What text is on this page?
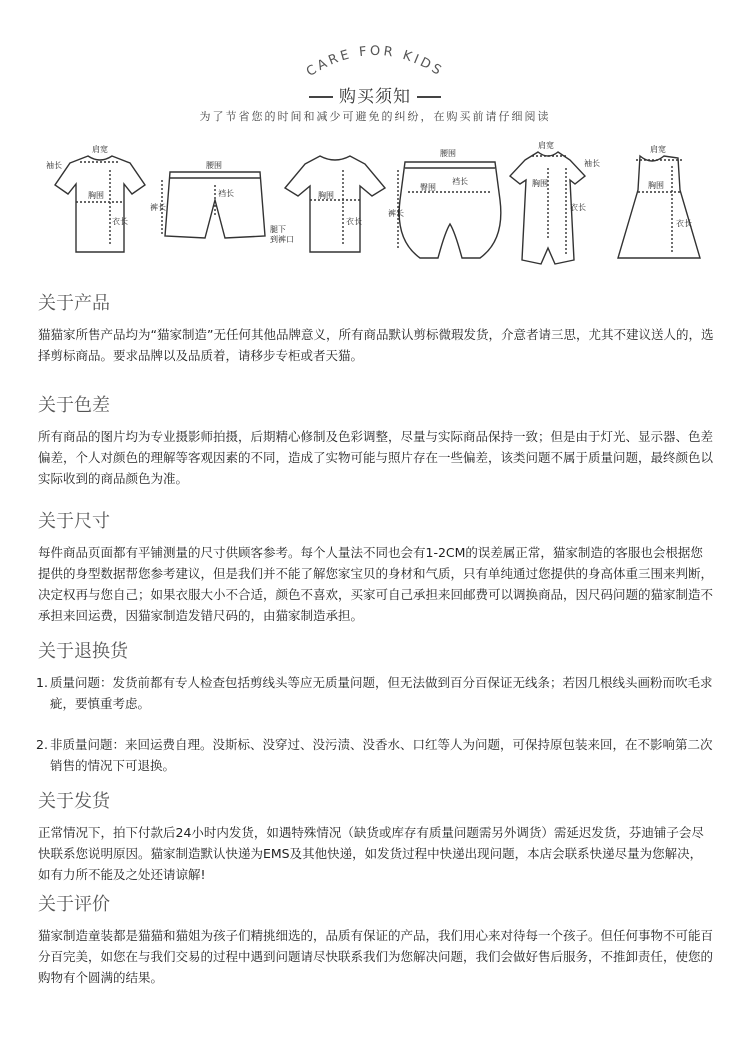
CARE FOR KIDS
购买须知
为了节省您的时间和减少可避免的纠纷，在购买前请仔细阅读
肩宽
袖长
胸围
衣长
腰围
裤长
裆长
腿下
到裤口
胸围
衣长
腰围
臀围
裤长
裆长
肩宽
袖长
胸围
衣长
肩宽
胸围
衣长
关于产品

猫猫家所售产品均为“猫家制造”无任何其他品牌意义，所有商品默认剪标微瑕发货，介意者请三思，尤其不建议送人的，选择剪标商品。要求品牌以及品质着，请移步专柜或者天猫。

关于色差

所有商品的图片均为专业摄影师拍摄，后期精心修制及色彩调整，尽量与实际商品保持一致；但是由于灯光、显示器、色差偏差，个人对颜色的理解等客观因素的不同，造成了实物可能与照片存在一些偏差，该类问题不属于质量问题，最终颜色以实际收到的商品颜色为准。

关于尺寸

每件商品页面都有平铺测量的尺寸供顾客参考。每个人量法不同也会有1-2CM的误差属正常，猫家制造的客服也会根据您提供的身型数据帮您参考建议，但是我们并不能了解您家宝贝的身材和气质，只有单纯通过您提供的身高体重三围来判断，决定权再与您自己；如果衣服大小不合适，颜色不喜欢，买家可自己承担来回邮费可以调换商品，因尺码问题的猫家制造不承担来回运费，因猫家制造发错尺码的，由猫家制造承担。

关于退换货
1. 质量问题：发货前都有专人检查包括剪线头等应无质量问题，但无法做到百分百保证无线条；若因几根线头画粉而吹毛求疵，要慎重考虑。
2. 非质量问题：来回运费自理。没斯标、没穿过、没污渍、没香水、口红等人为问题，可保持原包装来回，在不影响第二次销售的情况下可退换。
关于发货

正常情况下，拍下付款后24小时内发货，如遇特殊情况（缺货或库存有质量问题需另外调货）需延迟发货，芬迪铺子会尽快联系您说明原因。猫家制造默认快递为EMS及其他快递，如发货过程中快递出现问题，本店会联系快递尽量为您解决，如有力所不能及之处还请谅解!

关于评价

猫家制造童装都是猫猫和猫姐为孩子们精挑细选的，品质有保证的产品，我们用心来对待每一个孩子。但任何事物不可能百分百完美，如您在与我们交易的过程中遇到问题请尽快联系我们为您解决问题，我们会做好售后服务，不推卸责任，使您的购物有个圆满的结果。
